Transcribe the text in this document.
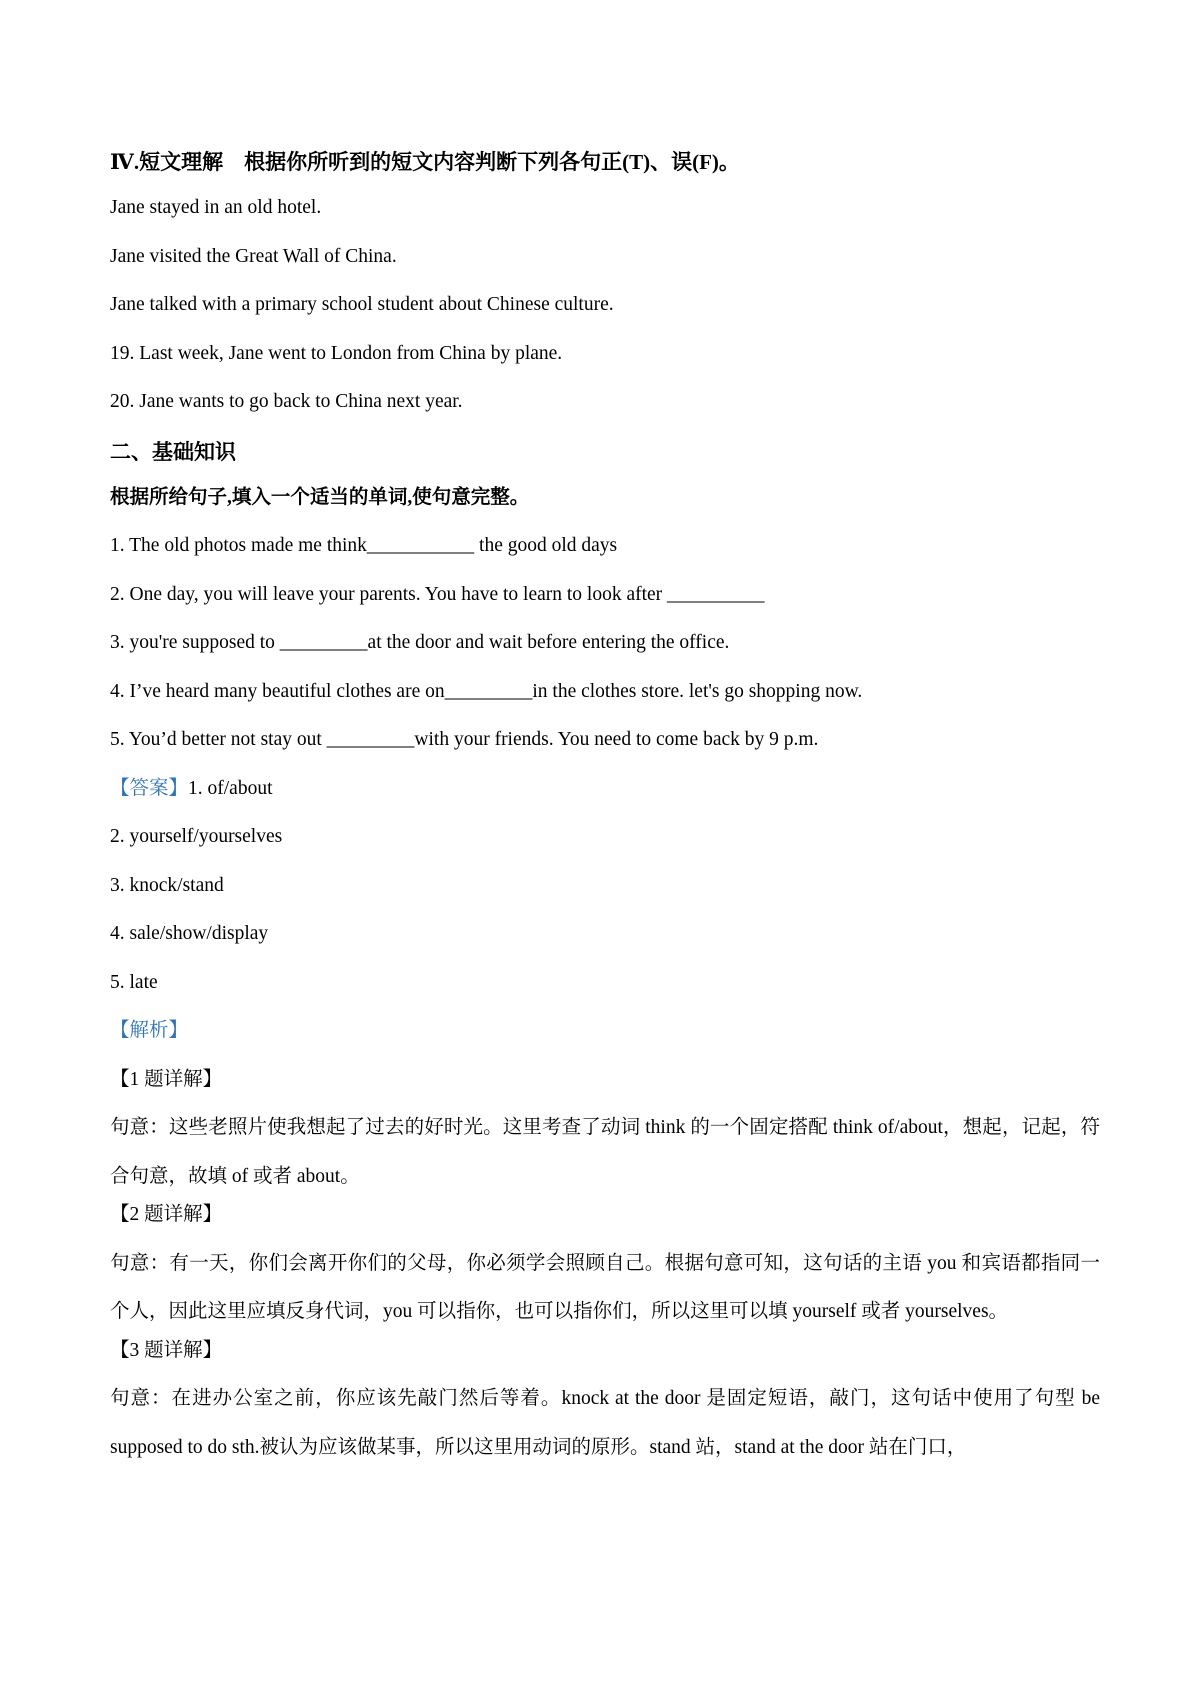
Ⅳ.短文理解　根据你所听到的短文内容判断下列各句正(T)、误(F)。
Jane stayed in an old hotel.
Jane visited the Great Wall of China.
Jane talked with a primary school student about Chinese culture.
19. Last week, Jane went to London from China by plane.
20. Jane wants to go back to China next year.
二、基础知识
根据所给句子,填入一个适当的单词,使句意完整。
1. The old photos made me think___________ the good old days
2. One day, you will leave your parents. You have to learn to look after __________
3. you're supposed to _________at the door and wait before entering the office.
4. I’ve heard many beautiful clothes are on_________in the clothes store. let's go shopping now.
5. You’d better not stay out _________with your friends. You need to come back by 9 p.m.
【答案】1. of/about
2. yourself/yourselves
3. knock/stand
4. sale/show/display
5. late
【解析】
【1 题详解】
句意：这些老照片使我想起了过去的好时光。这里考查了动词 think 的一个固定搭配 think of/about，想起，记起，符合句意，故填 of 或者 about。
【2 题详解】
句意：有一天，你们会离开你们的父母，你必须学会照顾自己。根据句意可知，这句话的主语 you 和宾语都指同一个人，因此这里应填反身代词，you 可以指你，也可以指你们，所以这里可以填 yourself 或者 yourselves。
【3 题详解】
句意：在进办公室之前，你应该先敲门然后等着。knock at the door 是固定短语，敲门，这句话中使用了句型 be supposed to do sth.被认为应该做某事，所以这里用动词的原形。stand 站，stand at the door 站在门口，
